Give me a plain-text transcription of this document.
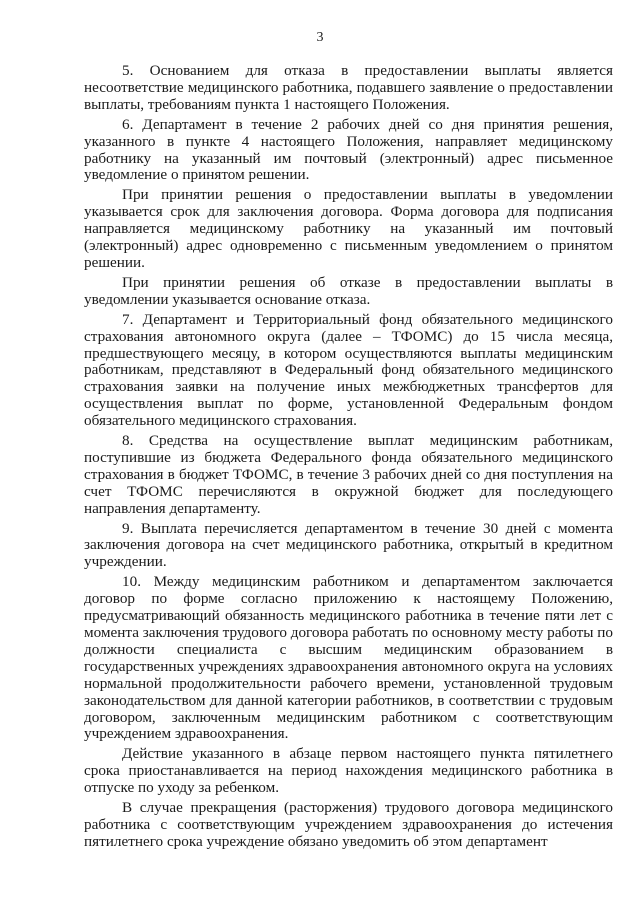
3

5. Основанием для отказа в предоставлении выплаты является несоответствие медицинского работника, подавшего заявление о предоставлении выплаты, требованиям пункта 1 настоящего Положения.

6. Департамент в течение 2 рабочих дней со дня принятия решения, указанного в пункте 4 настоящего Положения, направляет медицинскому работнику на указанный им почтовый (электронный) адрес письменное уведомление о принятом решении.

При принятии решения о предоставлении выплаты в уведомлении указывается срок для заключения договора. Форма договора для подписания направляется медицинскому работнику на указанный им почтовый (электронный) адрес одновременно с письменным уведомлением о принятом решении.

При принятии решения об отказе в предоставлении выплаты в уведомлении указывается основание отказа.

7. Департамент и Территориальный фонд обязательного медицинского страхования автономного округа (далее – ТФОМС) до 15 числа месяца, предшествующего месяцу, в котором осуществляются выплаты медицинским работникам, представляют в Федеральный фонд обязательного медицинского страхования заявки на получение иных межбюджетных трансфертов для осуществления выплат по форме, установленной Федеральным фондом обязательного медицинского страхования.

8. Средства на осуществление выплат медицинским работникам, поступившие из бюджета Федерального фонда обязательного медицинского страхования в бюджет ТФОМС, в течение 3 рабочих дней со дня поступления на счет ТФОМС перечисляются в окружной бюджет для последующего направления департаменту.

9. Выплата перечисляется департаментом в течение 30 дней с момента заключения договора на счет медицинского работника, открытый в кредитном учреждении.

10. Между медицинским работником и департаментом заключается договор по форме согласно приложению к настоящему Положению, предусматривающий обязанность медицинского работника в течение пяти лет с момента заключения трудового договора работать по основному месту работы по должности специалиста с высшим медицинским образованием в государственных учреждениях здравоохранения автономного округа на условиях нормальной продолжительности рабочего времени, установленной трудовым законодательством для данной категории работников, в соответствии с трудовым договором, заключенным медицинским работником с соответствующим учреждением здравоохранения.

Действие указанного в абзаце первом настоящего пункта пятилетнего срока приостанавливается на период нахождения медицинского работника в отпуске по уходу за ребенком.

В случае прекращения (расторжения) трудового договора медицинского работника с соответствующим учреждением здравоохранения до истечения пятилетнего срока учреждение обязано уведомить об этом департамент
